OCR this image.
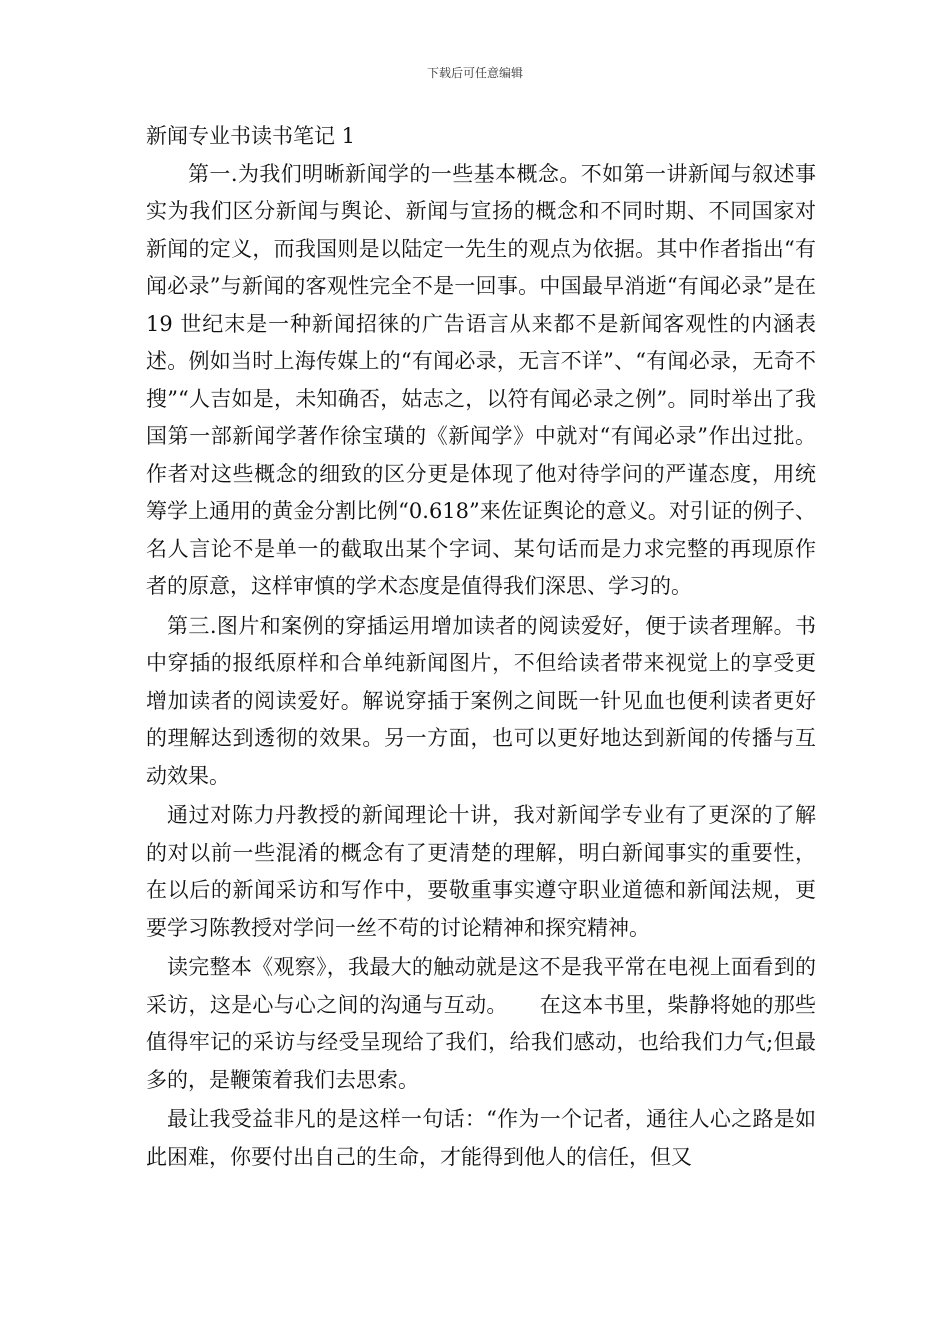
下载后可任意编辑
新闻专业书读书笔记 1

第一.为我们明晰新闻学的一些基本概念。不如第一讲新闻与叙述事实为我们区分新闻与舆论、新闻与宣扬的概念和不同时期、不同国家对新闻的定义，而我国则是以陆定一先生的观点为依据。其中作者指出“有闻必录”与新闻的客观性完全不是一回事。中国最早消逝“有闻必录”是在 19 世纪末是一种新闻招徕的广告语言从来都不是新闻客观性的内涵表述。例如当时上海传媒上的“有闻必录，无言不详”、“有闻必录，无奇不搜”“人吉如是，未知确否，姑志之，以符有闻必录之例”。同时举出了我国第一部新闻学著作徐宝璜的《新闻学》中就对“有闻必录”作出过批。作者对这些概念的细致的区分更是体现了他对待学问的严谨态度，用统筹学上通用的黄金分割比例“0.618”来佐证舆论的意义。对引证的例子、名人言论不是单一的截取出某个字词、某句话而是力求完整的再现原作者的原意，这样审慎的学术态度是值得我们深思、学习的。

第三.图片和案例的穿插运用增加读者的阅读爱好，便于读者理解。书中穿插的报纸原样和合单纯新闻图片，不但给读者带来视觉上的享受更增加读者的阅读爱好。解说穿插于案例之间既一针见血也便利读者更好的理解达到透彻的效果。另一方面，也可以更好地达到新闻的传播与互动效果。

通过对陈力丹教授的新闻理论十讲，我对新闻学专业有了更深的了解的对以前一些混淆的概念有了更清楚的理解，明白新闻事实的重要性，在以后的新闻采访和写作中，要敬重事实遵守职业道德和新闻法规，更要学习陈教授对学问一丝不苟的讨论精神和探究精神。

读完整本《观察》，我最大的触动就是这不是我平常在电视上面看到的采访，这是心与心之间的沟通与互动。　　在这本书里，柴静将她的那些值得牢记的采访与经受呈现给了我们，给我们感动，也给我们力气;但最多的，是鞭策着我们去思索。

最让我受益非凡的是这样一句话：“作为一个记者，通往人心之路是如此困难，你要付出自己的生命，才能得到他人的信任，但又
